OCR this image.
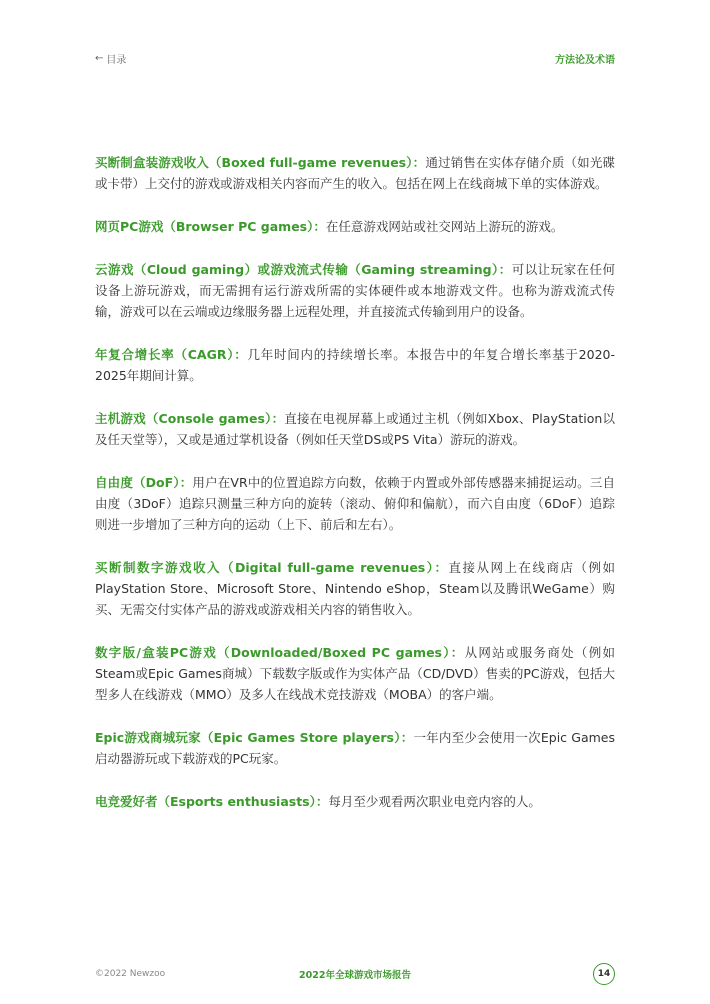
← 目录	方法论及术语

买断制盒装游戏收入（Boxed full-game revenues）：通过销售在实体存储介质（如光碟或卡带）上交付的游戏或游戏相关内容而产生的收入。包括在网上在线商城下单的实体游戏。

网页PC游戏（Browser PC games）：在任意游戏网站或社交网站上游玩的游戏。

云游戏（Cloud gaming）或游戏流式传输（Gaming streaming）：可以让玩家在任何设备上游玩游戏，而无需拥有运行游戏所需的实体硬件或本地游戏文件。也称为游戏流式传输，游戏可以在云端或边缘服务器上远程处理，并直接流式传输到用户的设备。

年复合增长率（CAGR）：几年时间内的持续增长率。本报告中的年复合增长率基于2020-2025年期间计算。

主机游戏（Console games）：直接在电视屏幕上或通过主机（例如Xbox、PlayStation以及任天堂等），又或是通过掌机设备（例如任天堂DS或PS Vita）游玩的游戏。

自由度（DoF）：用户在VR中的位置追踪方向数，依赖于内置或外部传感器来捕捉运动。三自由度（3DoF）追踪只测量三种方向的旋转（滚动、俯仰和偏航），而六自由度（6DoF）追踪则进一步增加了三种方向的运动（上下、前后和左右）。

买断制数字游戏收入（Digital full-game revenues）：直接从网上在线商店（例如PlayStation Store、Microsoft Store、Nintendo eShop，Steam以及腾讯WeGame）购买、无需交付实体产品的游戏或游戏相关内容的销售收入。

数字版/盒装PC游戏（Downloaded/Boxed PC games）：从网站或服务商处（例如Steam或Epic Games商城）下载数字版或作为实体产品（CD/DVD）售卖的PC游戏，包括大型多人在线游戏（MMO）及多人在线战术竞技游戏（MOBA）的客户端。

Epic游戏商城玩家（Epic Games Store players）：一年内至少会使用一次Epic Games启动器游玩或下载游戏的PC玩家。

电竞爱好者（Esports enthusiasts）：每月至少观看两次职业电竞内容的人。

©2022 Newzoo	2022年全球游戏市场报告	14
